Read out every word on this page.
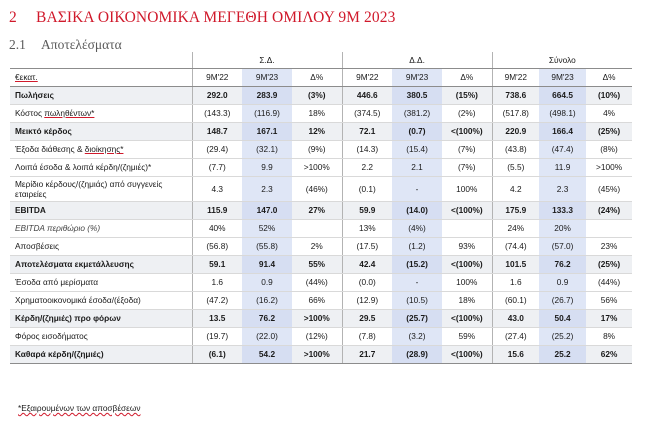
2 ΒΑΣΙΚΑ ΟΙΚΟΝΟΜΙΚΑ ΜΕΓΕΘΗ ΟΜΙΛΟΥ 9M 2023
2.1 Αποτελέσματα
	Σ.Δ.			Δ.Δ.			Σύνολο		
€εκατ.	9M'22	9M'23	Δ%	9M'22	9M'23	Δ%	9M'22	9M'23	Δ%
Πωλήσεις	292.0	283.9	(3%)	446.6	380.5	(15%)	738.6	664.5	(10%)
Κόστος πωληθέντων*	(143.3)	(116.9)	18%	(374.5)	(381.2)	(2%)	(517.8)	(498.1)	4%
Μεικτό κέρδος	148.7	167.1	12%	72.1	(0.7)	<(100%)	220.9	166.4	(25%)
Έξοδα διάθεσης & διοίκησης*	(29.4)	(32.1)	(9%)	(14.3)	(15.4)	(7%)	(43.8)	(47.4)	(8%)
Λοιπά έσοδα & λοιπά κέρδη/(ζημιές)*	(7.7)	9.9	>100%	2.2	2.1	(7%)	(5.5)	11.9	>100%
Μερίδιο κέρδους/(ζημιάς) από συγγενείς εταιρείες	4.3	2.3	(46%)	(0.1)	-	100%	4.2	2.3	(45%)
EBITDA	115.9	147.0	27%	59.9	(14.0)	<(100%)	175.9	133.3	(24%)
EBITDA περιθώριο (%)	40%	52%		13%	(4%)		24%	20%	
Αποσβέσεις	(56.8)	(55.8)	2%	(17.5)	(1.2)	93%	(74.4)	(57.0)	23%
Αποτελέσματα εκμετάλλευσης	59.1	91.4	55%	42.4	(15.2)	<(100%)	101.5	76.2	(25%)
Έσοδα από μερίσματα	1.6	0.9	(44%)	(0.0)	-	100%	1.6	0.9	(44%)
Χρηματοοικονομικά έσοδα/(έξοδα)	(47.2)	(16.2)	66%	(12.9)	(10.5)	18%	(60.1)	(26.7)	56%
Κέρδη/(ζημιές) προ φόρων	13.5	76.2	>100%	29.5	(25.7)	<(100%)	43.0	50.4	17%
Φόρος εισοδήματος	(19.7)	(22.0)	(12%)	(7.8)	(3.2)	59%	(27.4)	(25.2)	8%
Καθαρά κέρδη/(ζημιές)	(6.1)	54.2	>100%	21.7	(28.9)	<(100%)	15.6	25.2	62%
*Εξαιρουμένων των αποσβέσεων
